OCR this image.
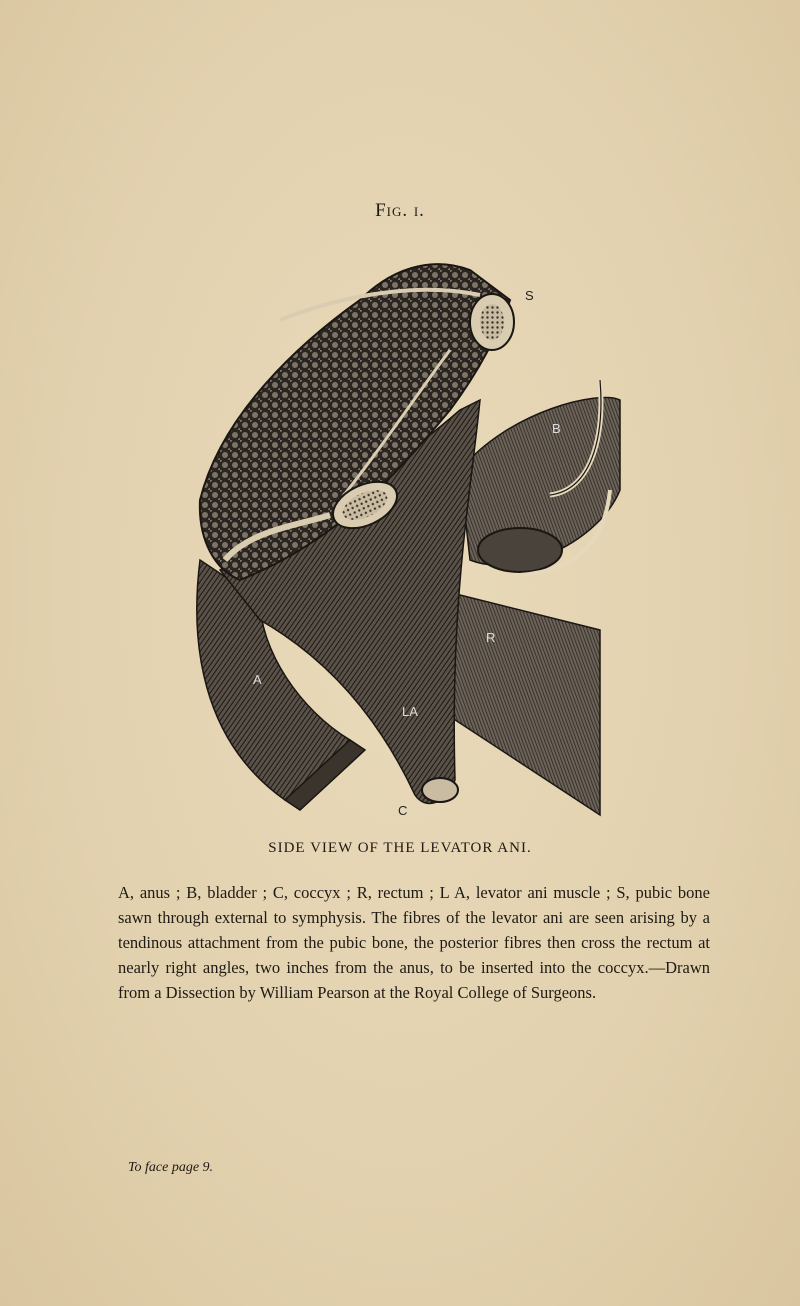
Fig. i.
S
B
R
A
LA
C
SIDE VIEW OF THE LEVATOR ANI.
A, anus ; B, bladder ; C, coccyx ; R, rectum ; L A, levator ani muscle ; S, pubic bone sawn through external to symphysis. The fibres of the levator ani are seen arising by a tendinous attachment from the pubic bone, the posterior fibres then cross the rectum at nearly right angles, two inches from the anus, to be inserted into the coccyx.—Drawn from a Dissection by William Pearson at the Royal College of Surgeons.
To face page 9.
